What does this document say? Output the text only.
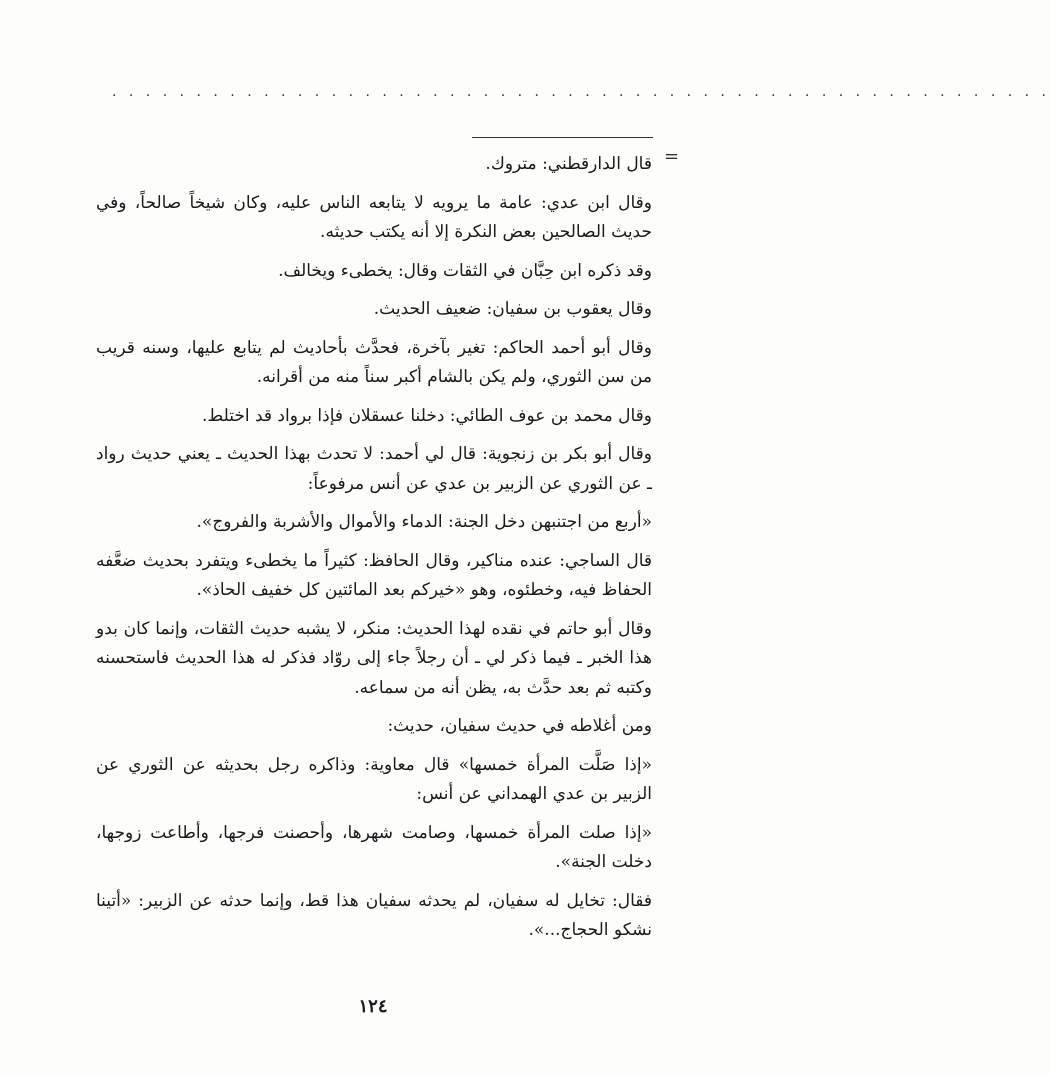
. . . . . . . . . . . . . . . . . . . . . . . . . . . . . . . . . . . . . . . . . . . . . . . . . . . . . . . .
=

قال الدارقطني: متروك.

وقال ابن عدي: عامة ما يرويه لا يتابعه الناس عليه، وكان شيخاً صالحاً، وفي حديث الصالحين بعض النكرة إلا أنه يكتب حديثه.

وقد ذكره ابن حِبَّان في الثقات وقال: يخطىء ويخالف.

وقال يعقوب بن سفيان: ضعيف الحديث.

وقال أبو أحمد الحاكم: تغير بآخرة، فحدَّث بأحاديث لم يتابع عليها، وسنه قريب من سن الثوري، ولم يكن بالشام أكبر سناً منه من أقرانه.

وقال محمد بن عوف الطائي: دخلنا عسقلان فإذا برواد قد اختلط.

وقال أبو بكر بن زنجوية: قال لي أحمد: لا تحدث بهذا الحديث ـ يعني حديث رواد ـ عن الثوري عن الزبير بن عدي عن أنس مرفوعاً:

«أربع من اجتنبهن دخل الجنة: الدماء والأموال والأشربة والفروج».

قال الساجي: عنده مناكير، وقال الحافظ: كثيراً ما يخطىء ويتفرد بحديث ضعَّفه الحفاظ فيه، وخطئوه، وهو «خيركم بعد المائتين كل خفيف الحاذ».

وقال أبو حاتم في نقده لهذا الحديث: منكر، لا يشبه حديث الثقات، وإنما كان بدو هذا الخبر ـ فيما ذكر لي ـ أن رجلاً جاء إلى روّاد فذكر له هذا الحديث فاستحسنه وكتبه ثم بعد حدَّث به، يظن أنه من سماعه.

ومن أغلاطه في حديث سفيان، حديث:

«إذا صَلَّت المرأة خمسها» قال معاوية: وذاكره رجل بحديثه عن الثوري عن الزبير بن عدي الهمداني عن أنس:

«إذا صلت المرأة خمسها، وصامت شهرها، وأحصنت فرجها، وأطاعت زوجها، دخلت الجنة».

فقال: تخايل له سفيان، لم يحدثه سفيان هذا قط، وإنما حدثه عن الزبير: «أتينا نشكو الحجاج...».

١٢٤
